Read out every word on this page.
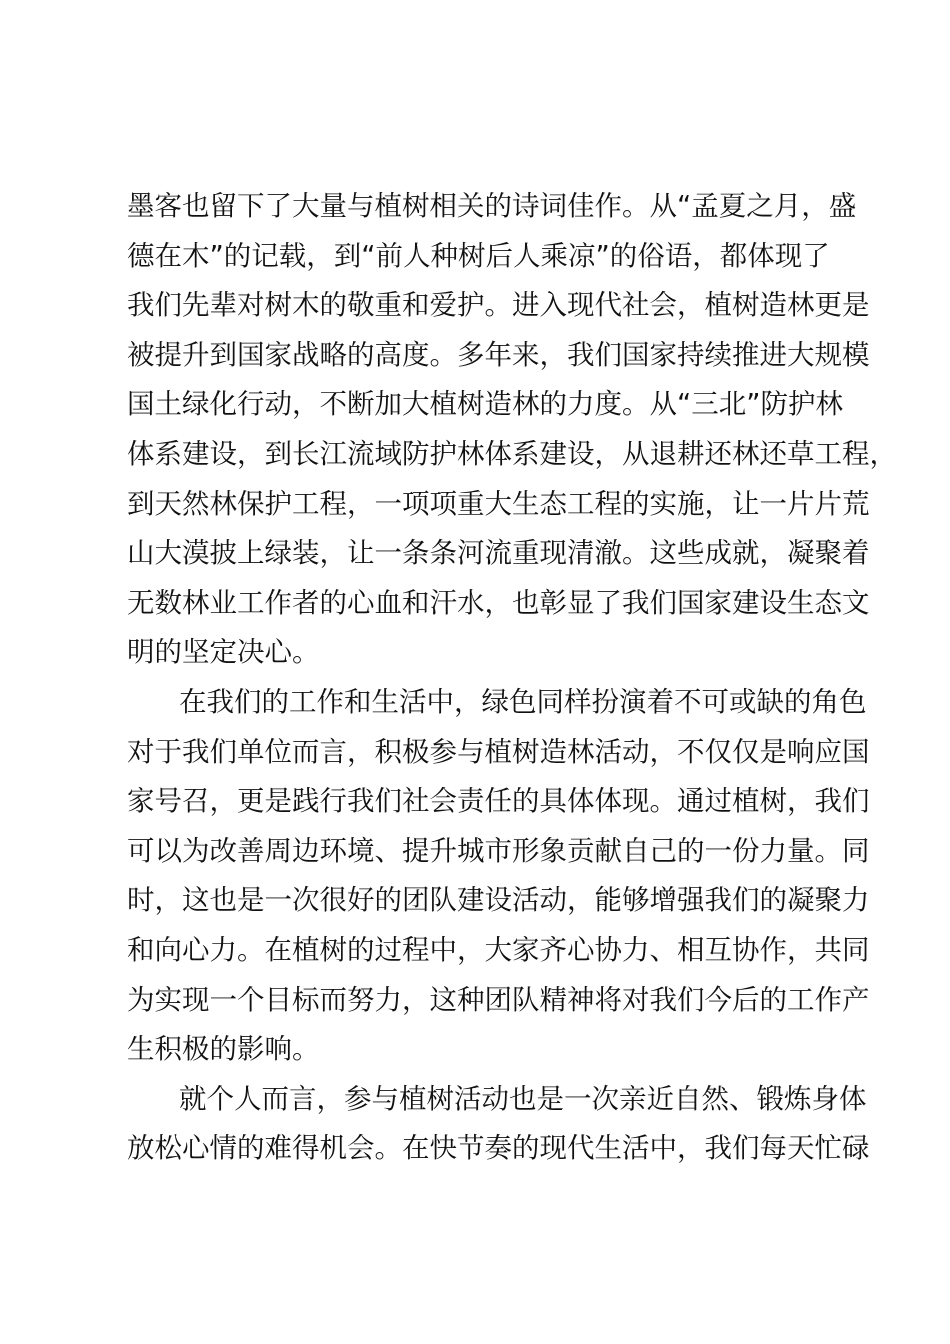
墨客也留下了大量与植树相关的诗词佳作。从“孟夏之月，盛
德在木”的记载，到“前人种树后人乘凉”的俗语，都体现了
我们先辈对树木的敬重和爱护。进入现代社会，植树造林更是
被提升到国家战略的高度。多年来，我们国家持续推进大规模
国土绿化行动，不断加大植树造林的力度。从“三北”防护林
体系建设，到长江流域防护林体系建设，从退耕还林还草工程，
到天然林保护工程，一项项重大生态工程的实施，让一片片荒
山大漠披上绿装，让一条条河流重现清澈。这些成就，凝聚着
无数林业工作者的心血和汗水，也彰显了我们国家建设生态文
明的坚定决心。
在我们的工作和生活中，绿色同样扮演着不可或缺的角色
对于我们单位而言，积极参与植树造林活动，不仅仅是响应国
家号召，更是践行我们社会责任的具体体现。通过植树，我们
可以为改善周边环境、提升城市形象贡献自己的一份力量。同
时，这也是一次很好的团队建设活动，能够增强我们的凝聚力
和向心力。在植树的过程中，大家齐心协力、相互协作，共同
为实现一个目标而努力，这种团队精神将对我们今后的工作产
生积极的影响。
就个人而言，参与植树活动也是一次亲近自然、锻炼身体
放松心情的难得机会。在快节奏的现代生活中，我们每天忙碌
